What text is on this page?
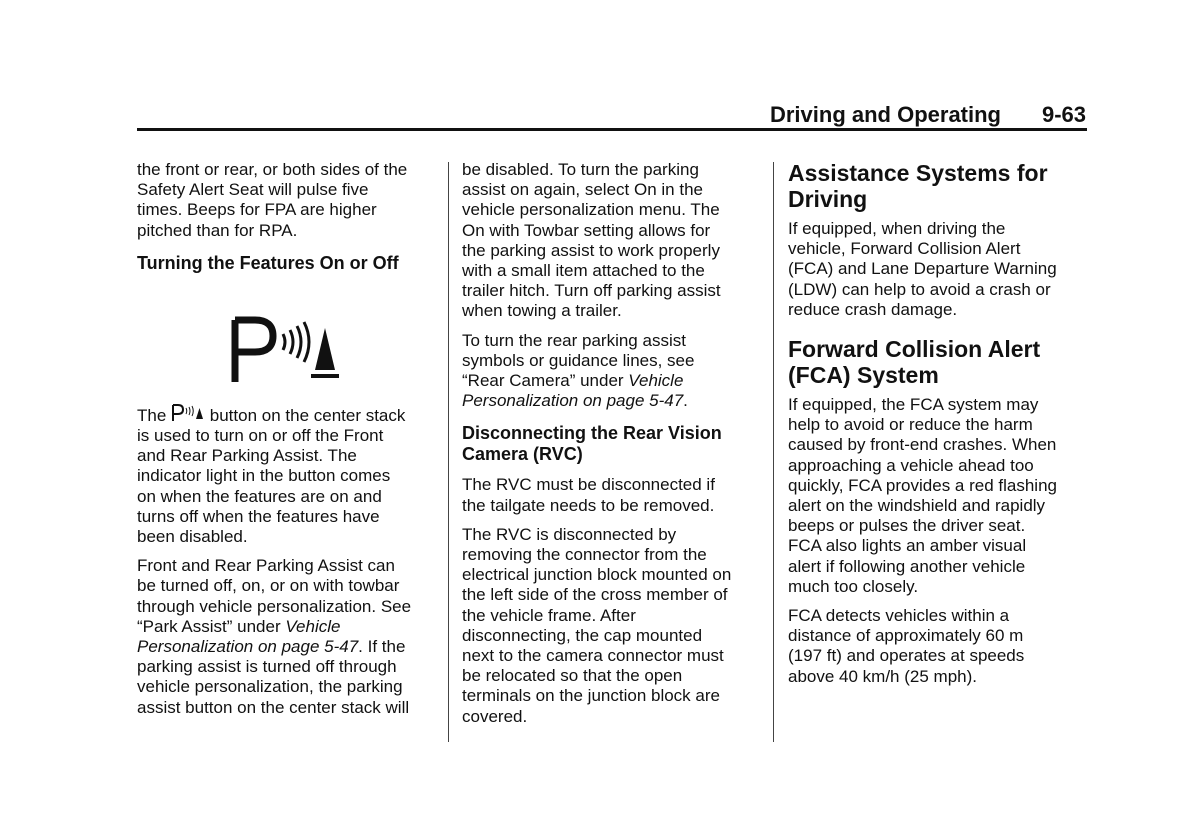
Driving and Operating 9-63

the front or rear, or both sides of the
Safety Alert Seat will pulse five
times. Beeps for FPA are higher
pitched than for RPA.

Turning the Features On or Off

The	button on the center stack
is used to turn on or off the Front
and Rear Parking Assist. The
indicator light in the button comes
on when the features are on and
turns off when the features have
been disabled.

Front and Rear Parking Assist can
be turned off, on, or on with towbar
through vehicle personalization. See
“Park Assist” under Vehicle
Personalization on page 5-47. If the
parking assist is turned off through
vehicle personalization, the parking
assist button on the center stack will

be disabled. To turn the parking
assist on again, select On in the
vehicle personalization menu. The
On with Towbar setting allows for
the parking assist to work properly
with a small item attached to the
trailer hitch. Turn off parking assist
when towing a trailer.

To turn the rear parking assist
symbols or guidance lines, see
“Rear Camera” under Vehicle
Personalization on page 5-47.

Disconnecting the Rear Vision
Camera (RVC)

The RVC must be disconnected if
the tailgate needs to be removed.

The RVC is disconnected by
removing the connector from the
electrical junction block mounted on
the left side of the cross member of
the vehicle frame. After
disconnecting, the cap mounted
next to the camera connector must
be relocated so that the open
terminals on the junction block are
covered.

Assistance Systems for
Driving

If equipped, when driving the
vehicle, Forward Collision Alert
(FCA) and Lane Departure Warning
(LDW) can help to avoid a crash or
reduce crash damage.

Forward Collision Alert
(FCA) System

If equipped, the FCA system may
help to avoid or reduce the harm
caused by front-end crashes. When
approaching a vehicle ahead too
quickly, FCA provides a red flashing
alert on the windshield and rapidly
beeps or pulses the driver seat.
FCA also lights an amber visual
alert if following another vehicle
much too closely.

FCA detects vehicles within a
distance of approximately 60 m
(197 ft) and operates at speeds
above 40 km/h (25 mph).
